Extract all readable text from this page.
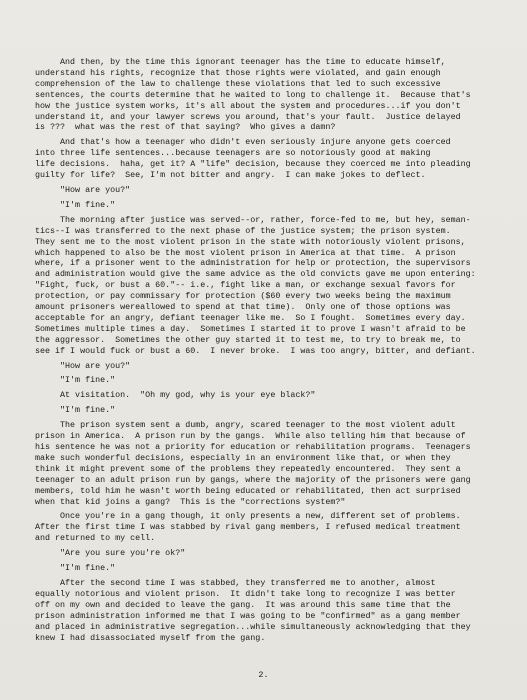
And then, by the time this ignorant teenager has the time to educate himself,
understand his rights, recognize that those rights were violated, and gain enough
comprehension of the law to challenge these violations that led to such excessive
sentences, the courts determine that he waited to long to challenge it.  Because that's
how the justice system works, it's all about the system and procedures...if you don't
understand it, and your lawyer screws you around, that's your fault.  Justice delayed
is ???  what was the rest of that saying?  Who gives a damn?
And that's how a teenager who didn't even seriously injure anyone gets coerced
into three life sentences...because teenagers are so notoriously good at making
life decisions.  haha, get it? A "life" decision, because they coerced me into pleading
guilty for life?  See, I'm not bitter and angry.  I can make jokes to deflect.
"How are you?"
"I'm fine."
The morning after justice was served--or, rather, force-fed to me, but hey, seman-
tics--I was transferred to the next phase of the justice system; the prison system.
They sent me to the most violent prison in the state with notoriously violent prisons,
which happened to also be the most violent prison in America at that time.  A prison
where, if a prisoner went to the administration for help or protection, the supervisors
and administration would give the same advice as the old convicts gave me upon entering:
"Fight, fuck, or bust a 60."-- i.e., fight like a man, or exchange sexual favors for
protection, or pay commissary for protection ($60 every two weeks being the maximum
amount prisoners wereallowed to spend at that time).  Only one of those options was
acceptable for an angry, defiant teenager like me.  So I fought.  Sometimes every day.
Sometimes multiple times a day.  Sometimes I started it to prove I wasn't afraid to be
the aggressor.  Sometimes the other guy started it to test me, to try to break me, to
see if I would fuck or bust a 60.  I never broke.  I was too angry, bitter, and defiant.
"How are you?"
"I'm fine."
At visitation.  "Oh my god, why is your eye black?"
"I'm fine."
The prison system sent a dumb, angry, scared teenager to the most violent adult
prison in America.  A prison run by the gangs.  While also telling him that because of
his sentence he was not a priority for education or rehabilitation programs.  Teenagers
make such wonderful decisions, especially in an environment like that, or when they
think it might prevent some of the problems they repeatedly encountered.  They sent a
teenager to an adult prison run by gangs, where the majority of the prisoners were gang
members, told him he wasn't worth being educated or rehabilitated, then act surprised
when that kid joins a gang?  This is the "corrections system?"
Once you're in a gang though, it only presents a new, different set of problems.
After the first time I was stabbed by rival gang members, I refused medical treatment
and returned to my cell.
"Are you sure you're ok?"
"I'm fine."
After the second time I was stabbed, they transferred me to another, almost
equally notorious and violent prison.  It didn't take long to recognize I was better
off on my own and decided to leave the gang.  It was around this same time that the
prison administration informed me that I was going to be "confirmed" as a gang member
and placed in administrative segregation...while simultaneously acknowledging that they
knew I had disassociated myself from the gang.
2.
